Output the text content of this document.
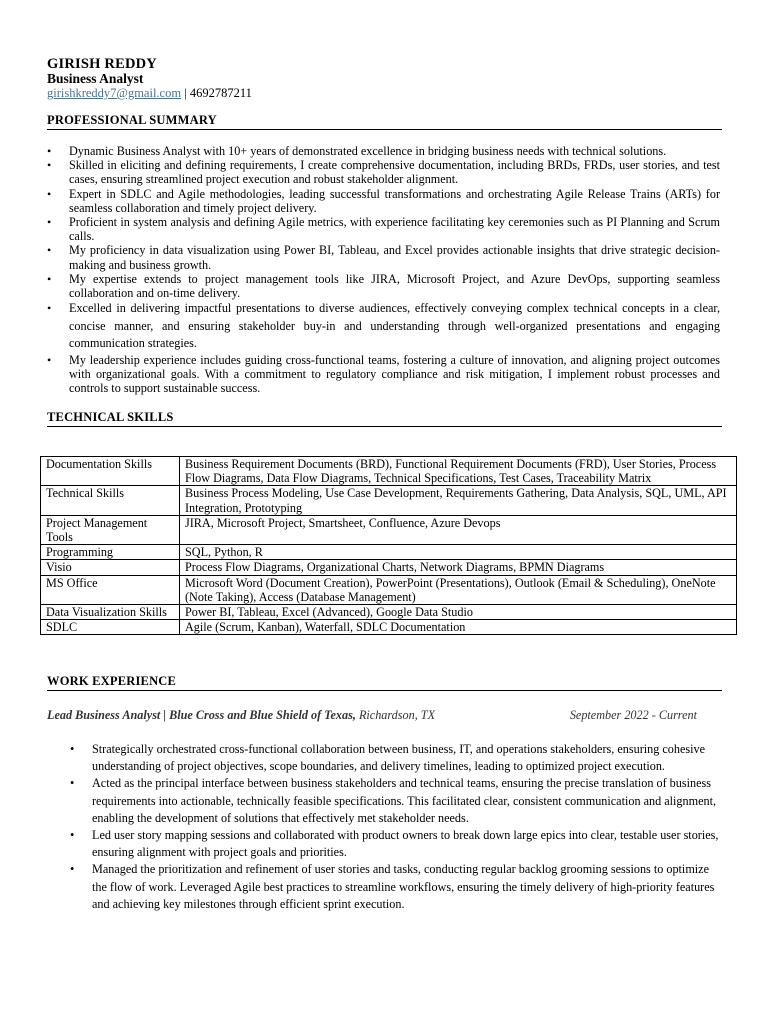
GIRISH REDDY
Business Analyst
girishkreddy7@gmail.com | 4692787211
PROFESSIONAL SUMMARY
• Dynamic Business Analyst with 10+ years of demonstrated excellence in bridging business needs with technical solutions.
• Skilled in eliciting and defining requirements, I create comprehensive documentation, including BRDs, FRDs, user stories, and test cases, ensuring streamlined project execution and robust stakeholder alignment.
• Expert in SDLC and Agile methodologies, leading successful transformations and orchestrating Agile Release Trains (ARTs) for seamless collaboration and timely project delivery.
• Proficient in system analysis and defining Agile metrics, with experience facilitating key ceremonies such as PI Planning and Scrum calls.
• My proficiency in data visualization using Power BI, Tableau, and Excel provides actionable insights that drive strategic decision-making and business growth.
• My expertise extends to project management tools like JIRA, Microsoft Project, and Azure DevOps, supporting seamless collaboration and on-time delivery.
• Excelled in delivering impactful presentations to diverse audiences, effectively conveying complex technical concepts in a clear, concise manner, and ensuring stakeholder buy-in and understanding through well-organized presentations and engaging communication strategies.
• My leadership experience includes guiding cross-functional teams, fostering a culture of innovation, and aligning project outcomes with organizational goals. With a commitment to regulatory compliance and risk mitigation, I implement robust processes and controls to support sustainable success.
TECHNICAL SKILLS
Documentation Skills	Business Requirement Documents (BRD), Functional Requirement Documents (FRD), User Stories, Process Flow Diagrams, Data Flow Diagrams, Technical Specifications, Test Cases, Traceability Matrix
Technical Skills	Business Process Modeling, Use Case Development, Requirements Gathering, Data Analysis, SQL, UML, API Integration, Prototyping
Project Management Tools	JIRA, Microsoft Project, Smartsheet, Confluence, Azure Devops
Programming	SQL, Python, R
Visio	Process Flow Diagrams, Organizational Charts, Network Diagrams, BPMN Diagrams
MS Office	Microsoft Word (Document Creation), PowerPoint (Presentations), Outlook (Email & Scheduling), OneNote (Note Taking), Access (Database Management)
Data Visualization Skills	Power BI, Tableau, Excel (Advanced), Google Data Studio
SDLC	Agile (Scrum, Kanban), Waterfall, SDLC Documentation
WORK EXPERIENCE
Lead Business Analyst | Blue Cross and Blue Shield of Texas, Richardson, TX	September 2022 - Current
• Strategically orchestrated cross-functional collaboration between business, IT, and operations stakeholders, ensuring cohesive understanding of project objectives, scope boundaries, and delivery timelines, leading to optimized project execution.
• Acted as the principal interface between business stakeholders and technical teams, ensuring the precise translation of business requirements into actionable, technically feasible specifications. This facilitated clear, consistent communication and alignment, enabling the development of solutions that effectively met stakeholder needs.
• Led user story mapping sessions and collaborated with product owners to break down large epics into clear, testable user stories, ensuring alignment with project goals and priorities.
• Managed the prioritization and refinement of user stories and tasks, conducting regular backlog grooming sessions to optimize the flow of work. Leveraged Agile best practices to streamline workflows, ensuring the timely delivery of high-priority features and achieving key milestones through efficient sprint execution.
